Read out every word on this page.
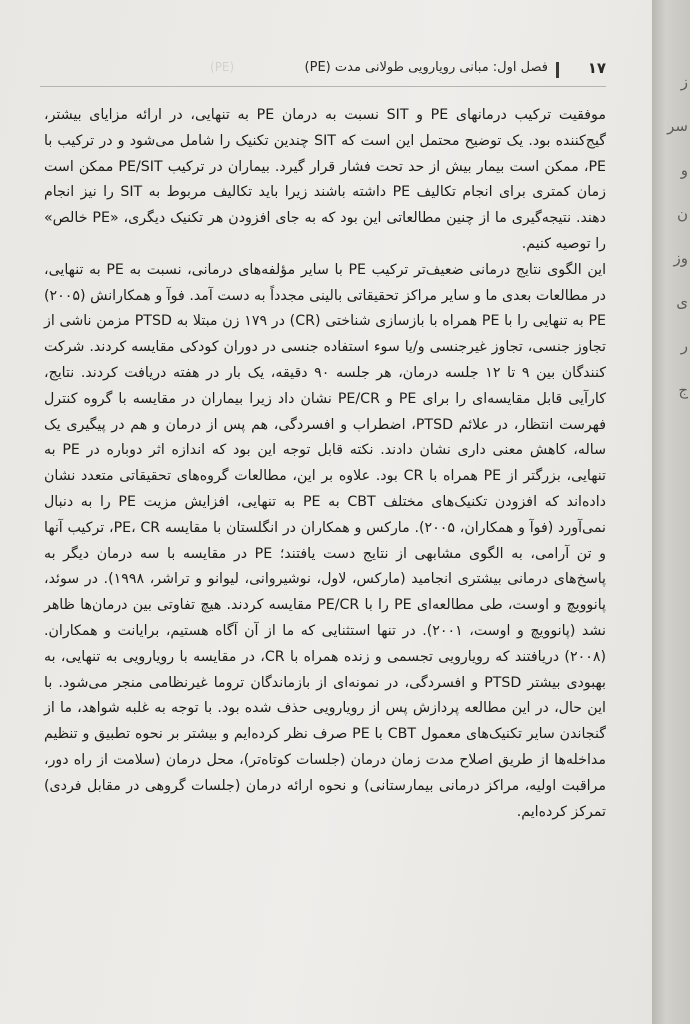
(PE)	فصل اول: مبانی رویارویی طولانی مدت (PE)	۱۷

موفقیت ترکیب درمانهای PE و SIT نسبت به درمان PE به تنهایی، در ارائه مزایای بیشتر، گیج‌کننده بود. یک توضیح محتمل این است که SIT چندین تکنیک را شامل می‌شود و در ترکیب با PE، ممکن است بیمار بیش از حد تحت فشار قرار گیرد. بیماران در ترکیب PE/SIT ممکن است زمان کمتری برای انجام تکالیف PE داشته باشند زیرا باید تکالیف مربوط به SIT را نیز انجام دهند. نتیجه‌گیری ما از چنین مطالعاتی این بود که به جای افزودن هر تکنیک دیگری، «PE خالص» را توصیه کنیم.

این الگوی نتایج درمانی ضعیف‌تر ترکیب PE با سایر مؤلفه‌های درمانی، نسبت به PE به تنهایی، در مطالعات بعدی ما و سایر مراکز تحقیقاتی بالینی مجدداً به دست آمد. فوآ و همکارانش (۲۰۰۵) PE به تنهایی را با PE همراه با بازسازی شناختی (CR) در ۱۷۹ زن مبتلا به PTSD مزمن ناشی از تجاوز جنسی، تجاوز غیرجنسی و/یا سوء استفاده جنسی در دوران کودکی مقایسه کردند. شرکت کنندگان بین ۹ تا ۱۲ جلسه درمان، هر جلسه ۹۰ دقیقه، یک بار در هفته دریافت کردند. نتایج، کارآیی قابل مقایسه‌ای را برای PE و PE/CR نشان داد زیرا بیماران در مقایسه با گروه کنترل فهرست انتظار، در علائم PTSD، اضطراب و افسردگی، هم پس از درمان و هم در پیگیری یک ساله، کاهش معنی داری نشان دادند. نکته قابل توجه این بود که اندازه اثر دوباره در PE به تنهایی، بزرگتر از PE همراه با CR بود. علاوه بر این، مطالعات گروه‌های تحقیقاتی متعدد نشان داده‌اند که افزودن تکنیک‌های مختلف CBT به PE به تنهایی، افزایش مزیت PE را به دنبال نمی‌آورد (فوآ و همکاران، ۲۰۰۵). مارکس و همکاران در انگلستان با مقایسه PE، CR، ترکیب آنها و تن آرامی، به الگوی مشابهی از نتایج دست یافتند؛ PE در مقایسه با سه درمان دیگر به پاسخ‌های درمانی بیشتری انجامید (مارکس، لاول، نوشیروانی، لیوانو و تراشر، ۱۹۹۸). در سوئد، پانوویچ و اوست، طی مطالعه‌ای PE را با PE/CR مقایسه کردند. هیچ تفاوتی بین درمان‌ها ظاهر نشد (پانوویچ و اوست، ۲۰۰۱). در تنها استثنایی که ما از آن آگاه هستیم، برایانت و همکاران. (۲۰۰۸) دریافتند که رویارویی تجسمی و زنده همراه با CR، در مقایسه با رویارویی به تنهایی، به بهبودی بیشتر PTSD و افسردگی، در نمونه‌ای از بازماندگان تروما غیرنظامی منجر می‌شود. با این حال، در این مطالعه پردازش پس از رویارویی حذف شده بود. با توجه به غلبه شواهد، ما از گنجاندن سایر تکنیک‌های معمول CBT با PE صرف نظر کرده‌ایم و بیشتر بر نحوه تطبیق و تنظیم مداخله‌ها از طریق اصلاح مدت زمان درمان (جلسات کوتاه‌تر)، محل درمان (سلامت از راه دور، مراقبت اولیه، مراکز درمانی بیمارستانی) و نحوه ارائه درمان (جلسات گروهی در مقابل فردی) تمرکز کرده‌ایم.

ز
سر
و
ن
وز
ی
ر
ج
